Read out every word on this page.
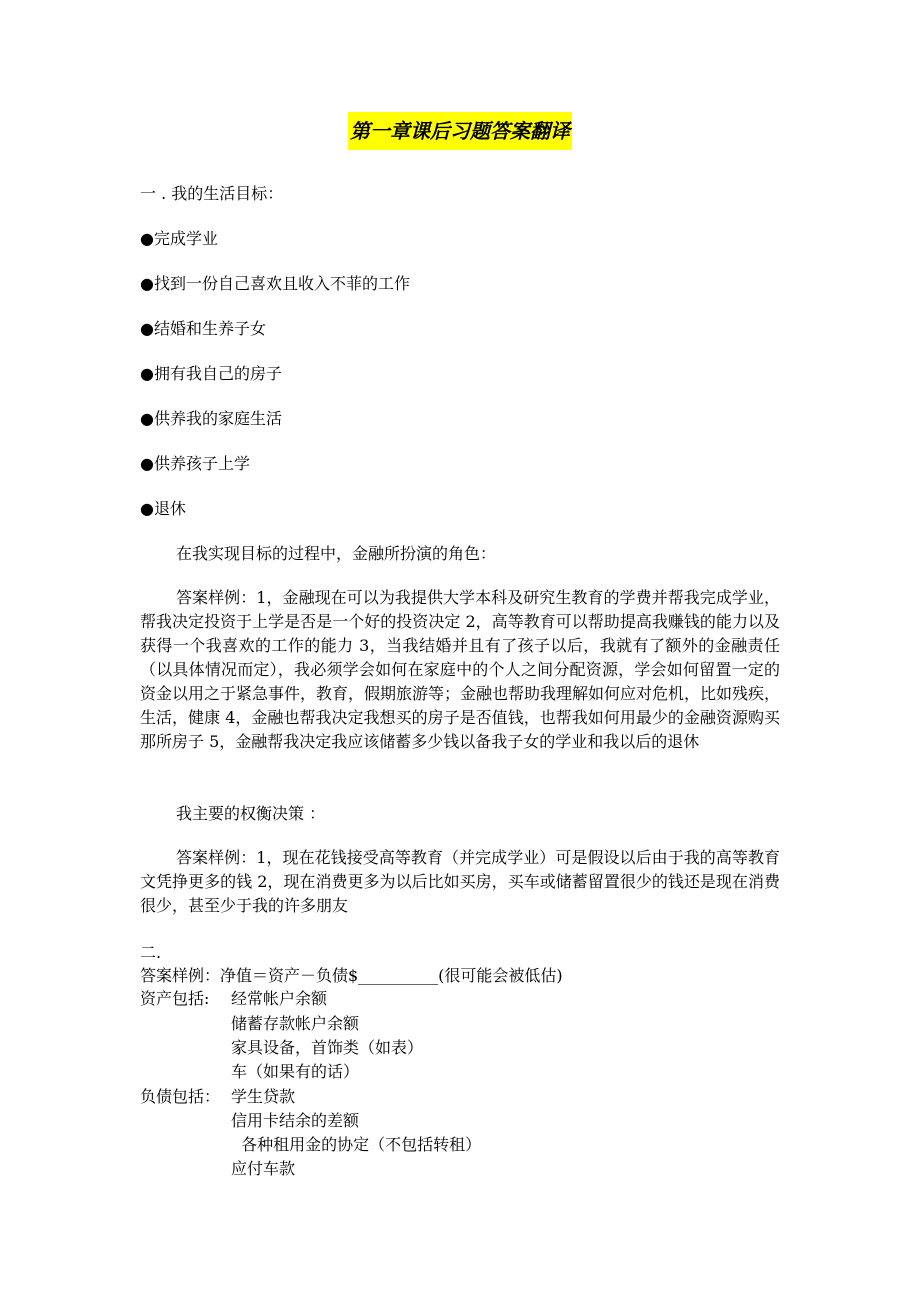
第一章课后习题答案翻译
一 . 我的生活目标：
●完成学业
●找到一份自己喜欢且收入不菲的工作
●结婚和生养子女
●拥有我自己的房子
●供养我的家庭生活
●供养孩子上学
●退休
在我实现目标的过程中，金融所扮演的角色：
答案样例：1，金融现在可以为我提供大学本科及研究生教育的学费并帮我完成学业，帮我决定投资于上学是否是一个好的投资决定 2，高等教育可以帮助提高我赚钱的能力以及获得一个我喜欢的工作的能力 3，当我结婚并且有了孩子以后，我就有了额外的金融责任（以具体情况而定），我必须学会如何在家庭中的个人之间分配资源，学会如何留置一定的资金以用之于紧急事件，教育，假期旅游等；金融也帮助我理解如何应对危机，比如残疾，生活，健康 4，金融也帮我决定我想买的房子是否值钱，也帮我如何用最少的金融资源购买那所房子 5，金融帮我决定我应该储蓄多少钱以备我子女的学业和我以后的退休
我主要的权衡决策 ：
答案样例：1，现在花钱接受高等教育（并完成学业）可是假设以后由于我的高等教育文凭挣更多的钱 2，现在消费更多为以后比如买房，买车或储蓄留置很少的钱还是现在消费很少，甚至少于我的许多朋友
二.
答案样例：净值＝资产－负债$__________(很可能会被低估)
资产包括: 经常帐户余额
储蓄存款帐户余额
家具设备，首饰类（如表）
车（如果有的话）
负债包括： 学生贷款
信用卡结余的差额
各种租用金的协定（不包括转租）
应付车款
